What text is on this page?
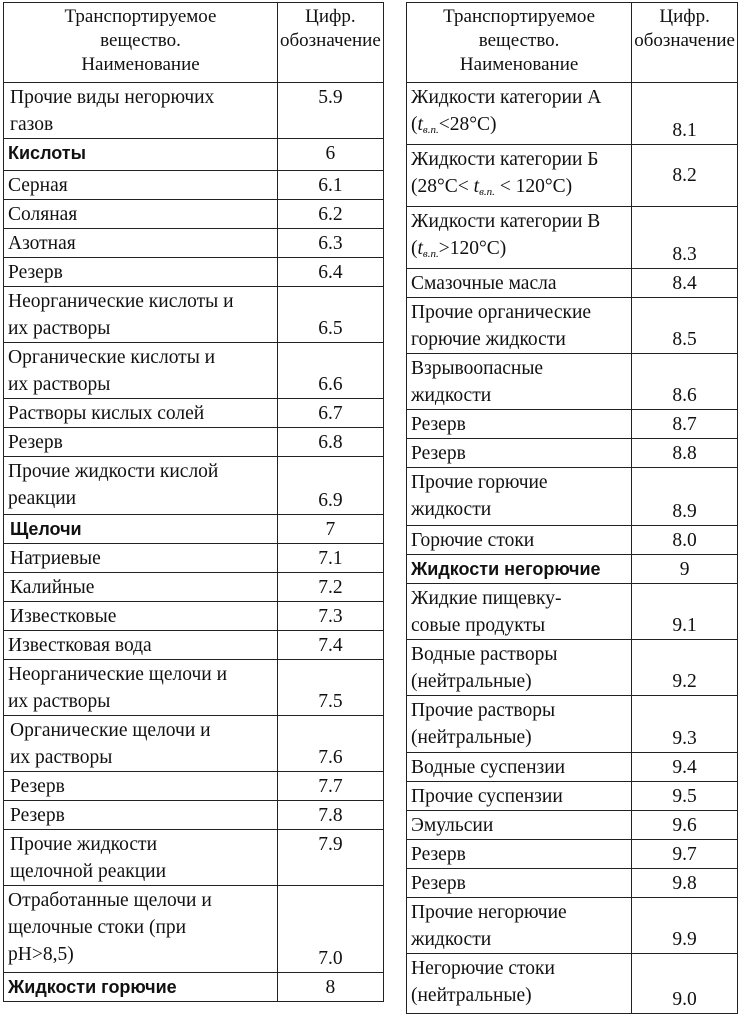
Транспортируемое
вещество.
Наименование	Цифр.
обозначение
Прочие виды негорючих
газов	5.9
Кислоты	6
Серная	6.1
Соляная	6.2
Азотная	6.3
Резерв	6.4
Неорганические кислоты и
их растворы	6.5
Органические кислоты и
их растворы	6.6
Растворы кислых солей	6.7
Резерв	6.8
Прочие жидкости кислой
реакции	6.9
Щелочи	7
Натриевые	7.1
Калийные	7.2
Известковые	7.3
Известковая вода	7.4
Неорганические щелочи и
их растворы	7.5
Органические щелочи и
их растворы	7.6
Резерв	7.7
Резерв	7.8
Прочие жидкости
щелочной реакции	7.9
Отработанные щелочи и
щелочные стоки (при
pH>8,5)	7.0
Жидкости горючие	8
Транспортируемое
вещество.
Наименование	Цифр.
обозначение
Жидкости категории А
$(t_{в.п.}<28^\circ С)$	8.1
Жидкости категории Б
$(28^\circ С< t_{в.п.} < 120^\circ С)$	8.2
Жидкости категории В
$(t_{в.п.}>120^\circ С)$	8.3
Смазочные масла	8.4
Прочие органические
горючие жидкости	8.5
Взрывоопасные
жидкости	8.6
Резерв	8.7
Резерв	8.8
Прочие горючие
жидкости	8.9
Горючие стоки	8.0
Жидкости негорючие	9
Жидкие пищевку-
совые продукты	9.1
Водные растворы
(нейтральные)	9.2
Прочие растворы
(нейтральные)	9.3
Водные суспензии	9.4
Прочие суспензии	9.5
Эмульсии	9.6
Резерв	9.7
Резерв	9.8
Прочие негорючие
жидкости	9.9
Негорючие стоки
(нейтральные)	9.0
